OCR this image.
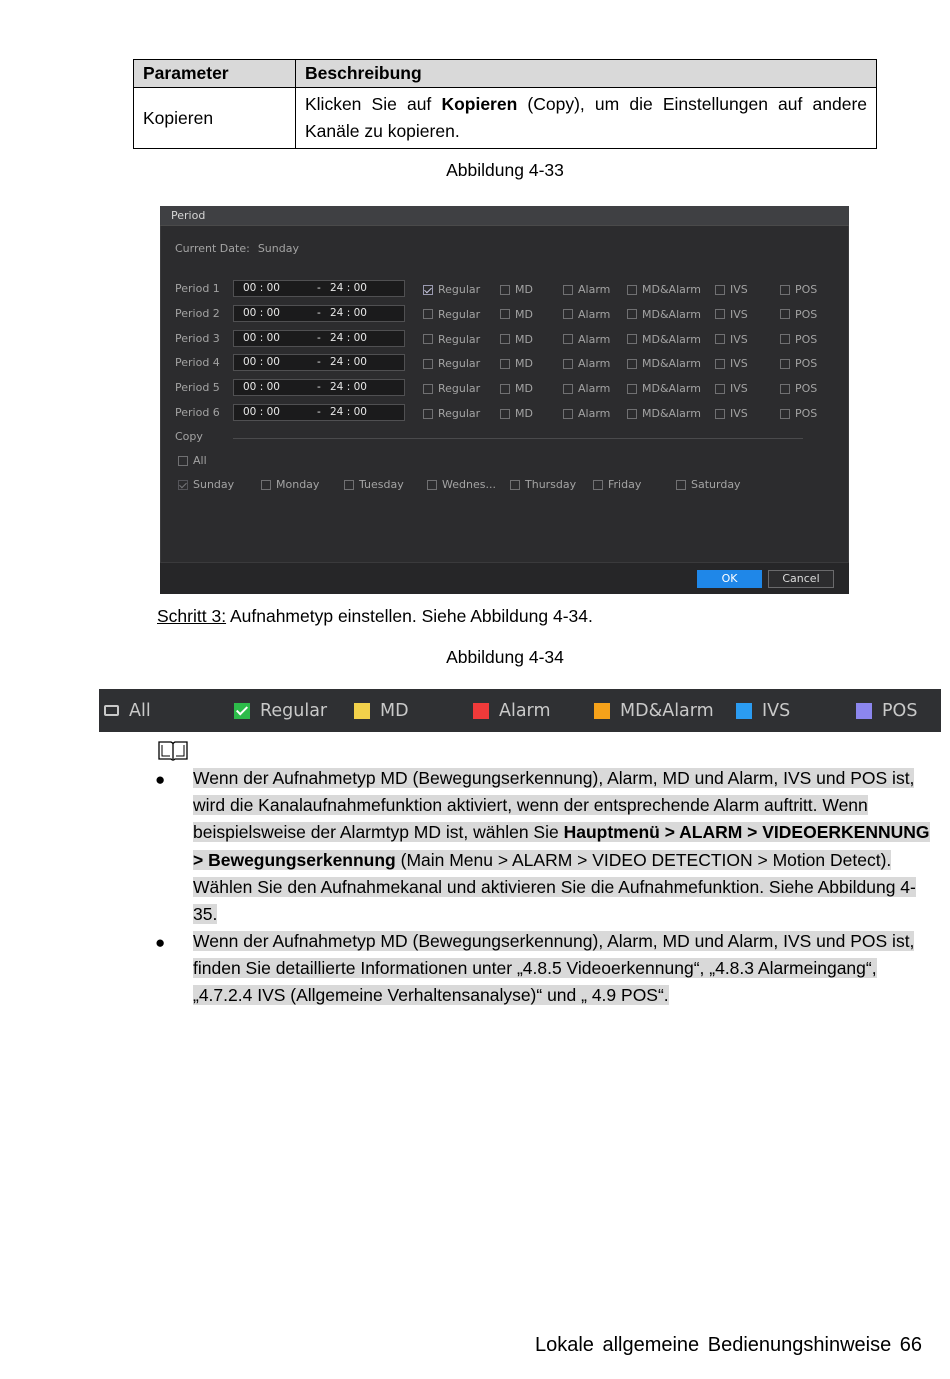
Parameter	Beschreibung
Kopieren	Klicken Sie auf Kopieren (Copy), um die Einstellungen auf andere Kanäle zu kopieren.
Abbildung 4-33
Period
Current Date: Sunday
Period 1 00 : 00	- 24 : 00	Regular	MD	Alarm	MD&Alarm	IVS	POS
Period 2 00 : 00	- 24 : 00	Regular	MD	Alarm	MD&Alarm	IVS	POS
Period 3 00 : 00	- 24 : 00	Regular	MD	Alarm	MD&Alarm	IVS	POS
Period 4 00 : 00	- 24 : 00	Regular	MD	Alarm	MD&Alarm	IVS	POS
Period 5 00 : 00	- 24 : 00	Regular	MD	Alarm	MD&Alarm	IVS	POS
Period 6 00 : 00	- 24 : 00	Regular	MD	Alarm	MD&Alarm	IVS	POS
Copy
All
Sunday	Monday	Tuesday	Wednes...	Thursday	Friday	Saturday
OK	Cancel
Schritt 3: Aufnahmetyp einstellen. Siehe Abbildung 4-34.
Abbildung 4-34
All	Regular	MD	Alarm	MD&Alarm	IVS	POS
● Wenn der Aufnahmetyp MD (Bewegungserkennung), Alarm, MD und Alarm, IVS und POS ist, wird die Kanalaufnahmefunktion aktiviert, wenn der entsprechende Alarm auftritt. Wenn beispielsweise der Alarmtyp MD ist, wählen Sie Hauptmenü > ALARM > VIDEOERKENNUNG > Bewegungserkennung (Main Menu > ALARM > VIDEO DETECTION > Motion Detect). Wählen Sie den Aufnahmekanal und aktivieren Sie die Aufnahmefunktion. Siehe Abbildung 4-35.
● Wenn der Aufnahmetyp MD (Bewegungserkennung), Alarm, MD und Alarm, IVS und POS ist, finden Sie detaillierte Informationen unter „4.8.5 Videoerkennung“, „4.8.3 Alarmeingang“, „4.7.2.4 IVS (Allgemeine Verhaltensanalyse)“ und „ 4.9 POS“.
Lokale allgemeine Bedienungshinweise 66
